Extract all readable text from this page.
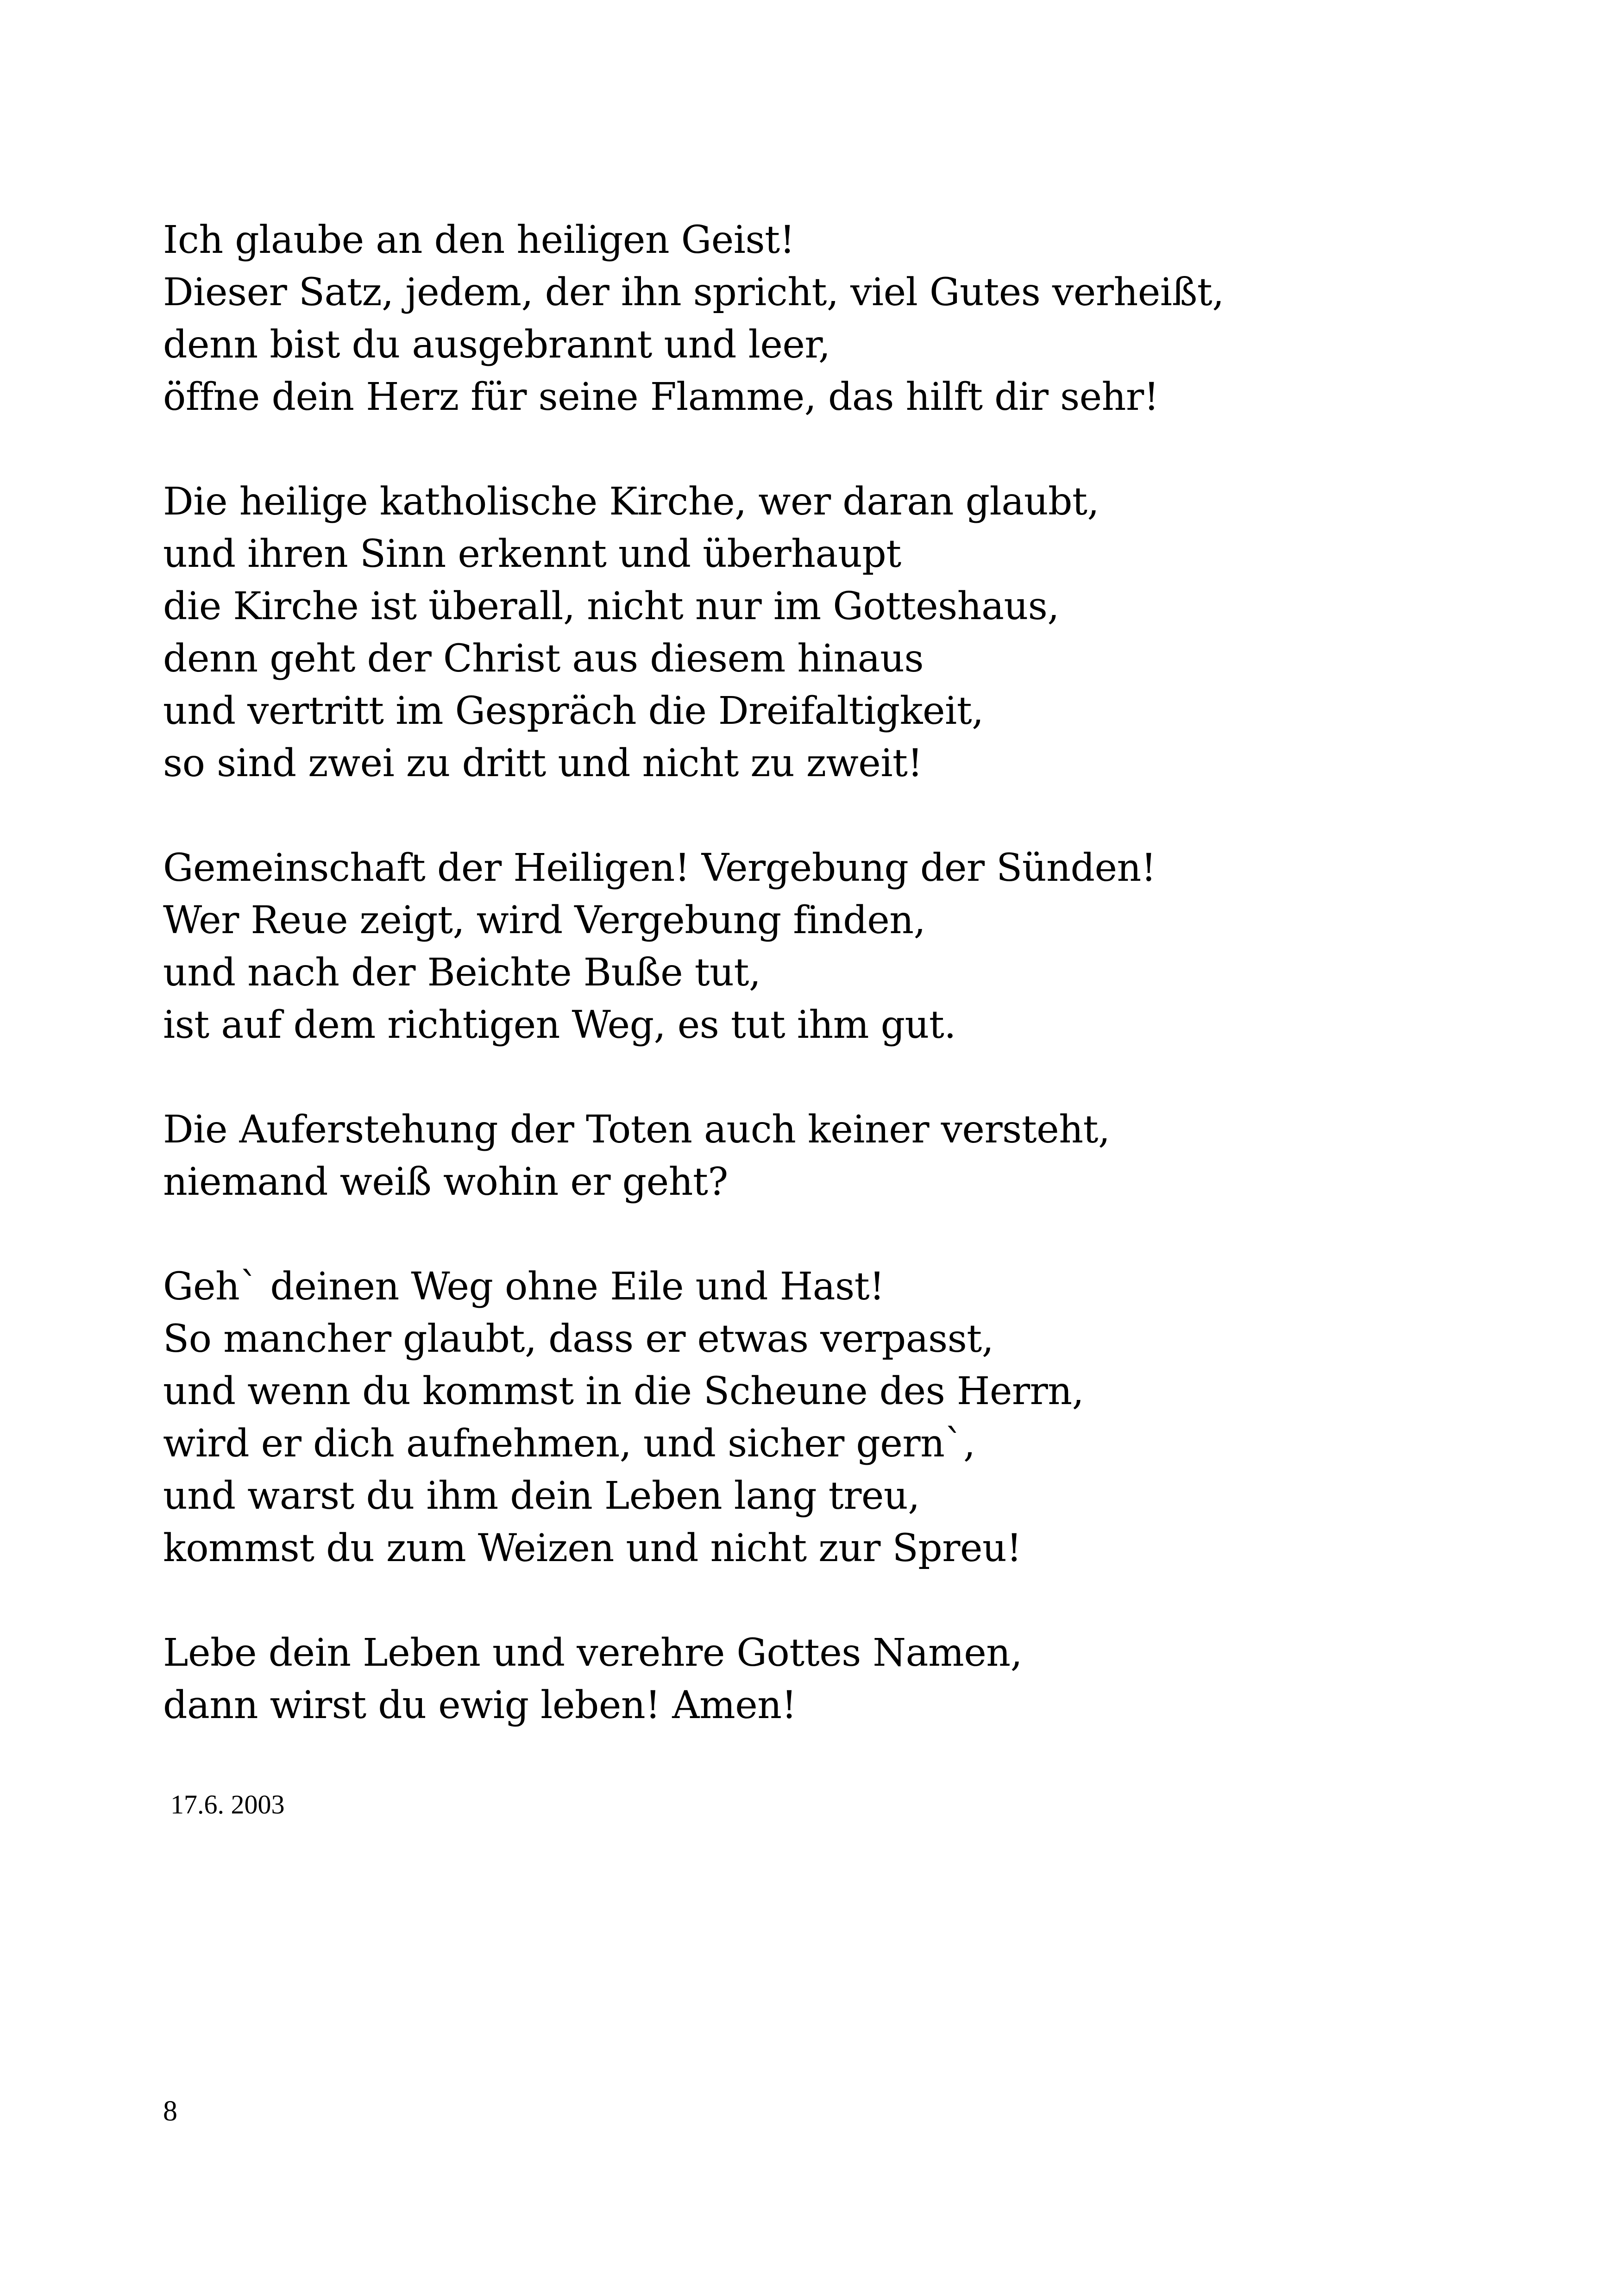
Ich glaube an den heiligen Geist!
Dieser Satz, jedem, der ihn spricht, viel Gutes verheißt,
denn bist du ausgebrannt und leer,
öffne dein Herz für seine Flamme, das hilft dir sehr!
Die heilige katholische Kirche, wer daran glaubt,
und ihren Sinn erkennt und überhaupt
die Kirche ist überall, nicht nur im Gotteshaus,
denn geht der Christ aus diesem hinaus
und vertritt im Gespräch die Dreifaltigkeit,
so sind zwei zu dritt und nicht zu zweit!
Gemeinschaft der Heiligen! Vergebung der Sünden!
Wer Reue zeigt, wird Vergebung finden,
und nach der Beichte Buße tut,
ist auf dem richtigen Weg, es tut ihm gut.
Die Auferstehung der Toten auch keiner versteht,
niemand weiß wohin er geht?
Geh` deinen Weg ohne Eile und Hast!
So mancher glaubt, dass er etwas verpasst,
und wenn du kommst in die Scheune des Herrn,
wird er dich aufnehmen, und sicher gern`,
und warst du ihm dein Leben lang treu,
kommst du zum Weizen und nicht zur Spreu!
Lebe dein Leben und verehre Gottes Namen,
dann wirst du ewig leben! Amen!
17.6. 2003
8
